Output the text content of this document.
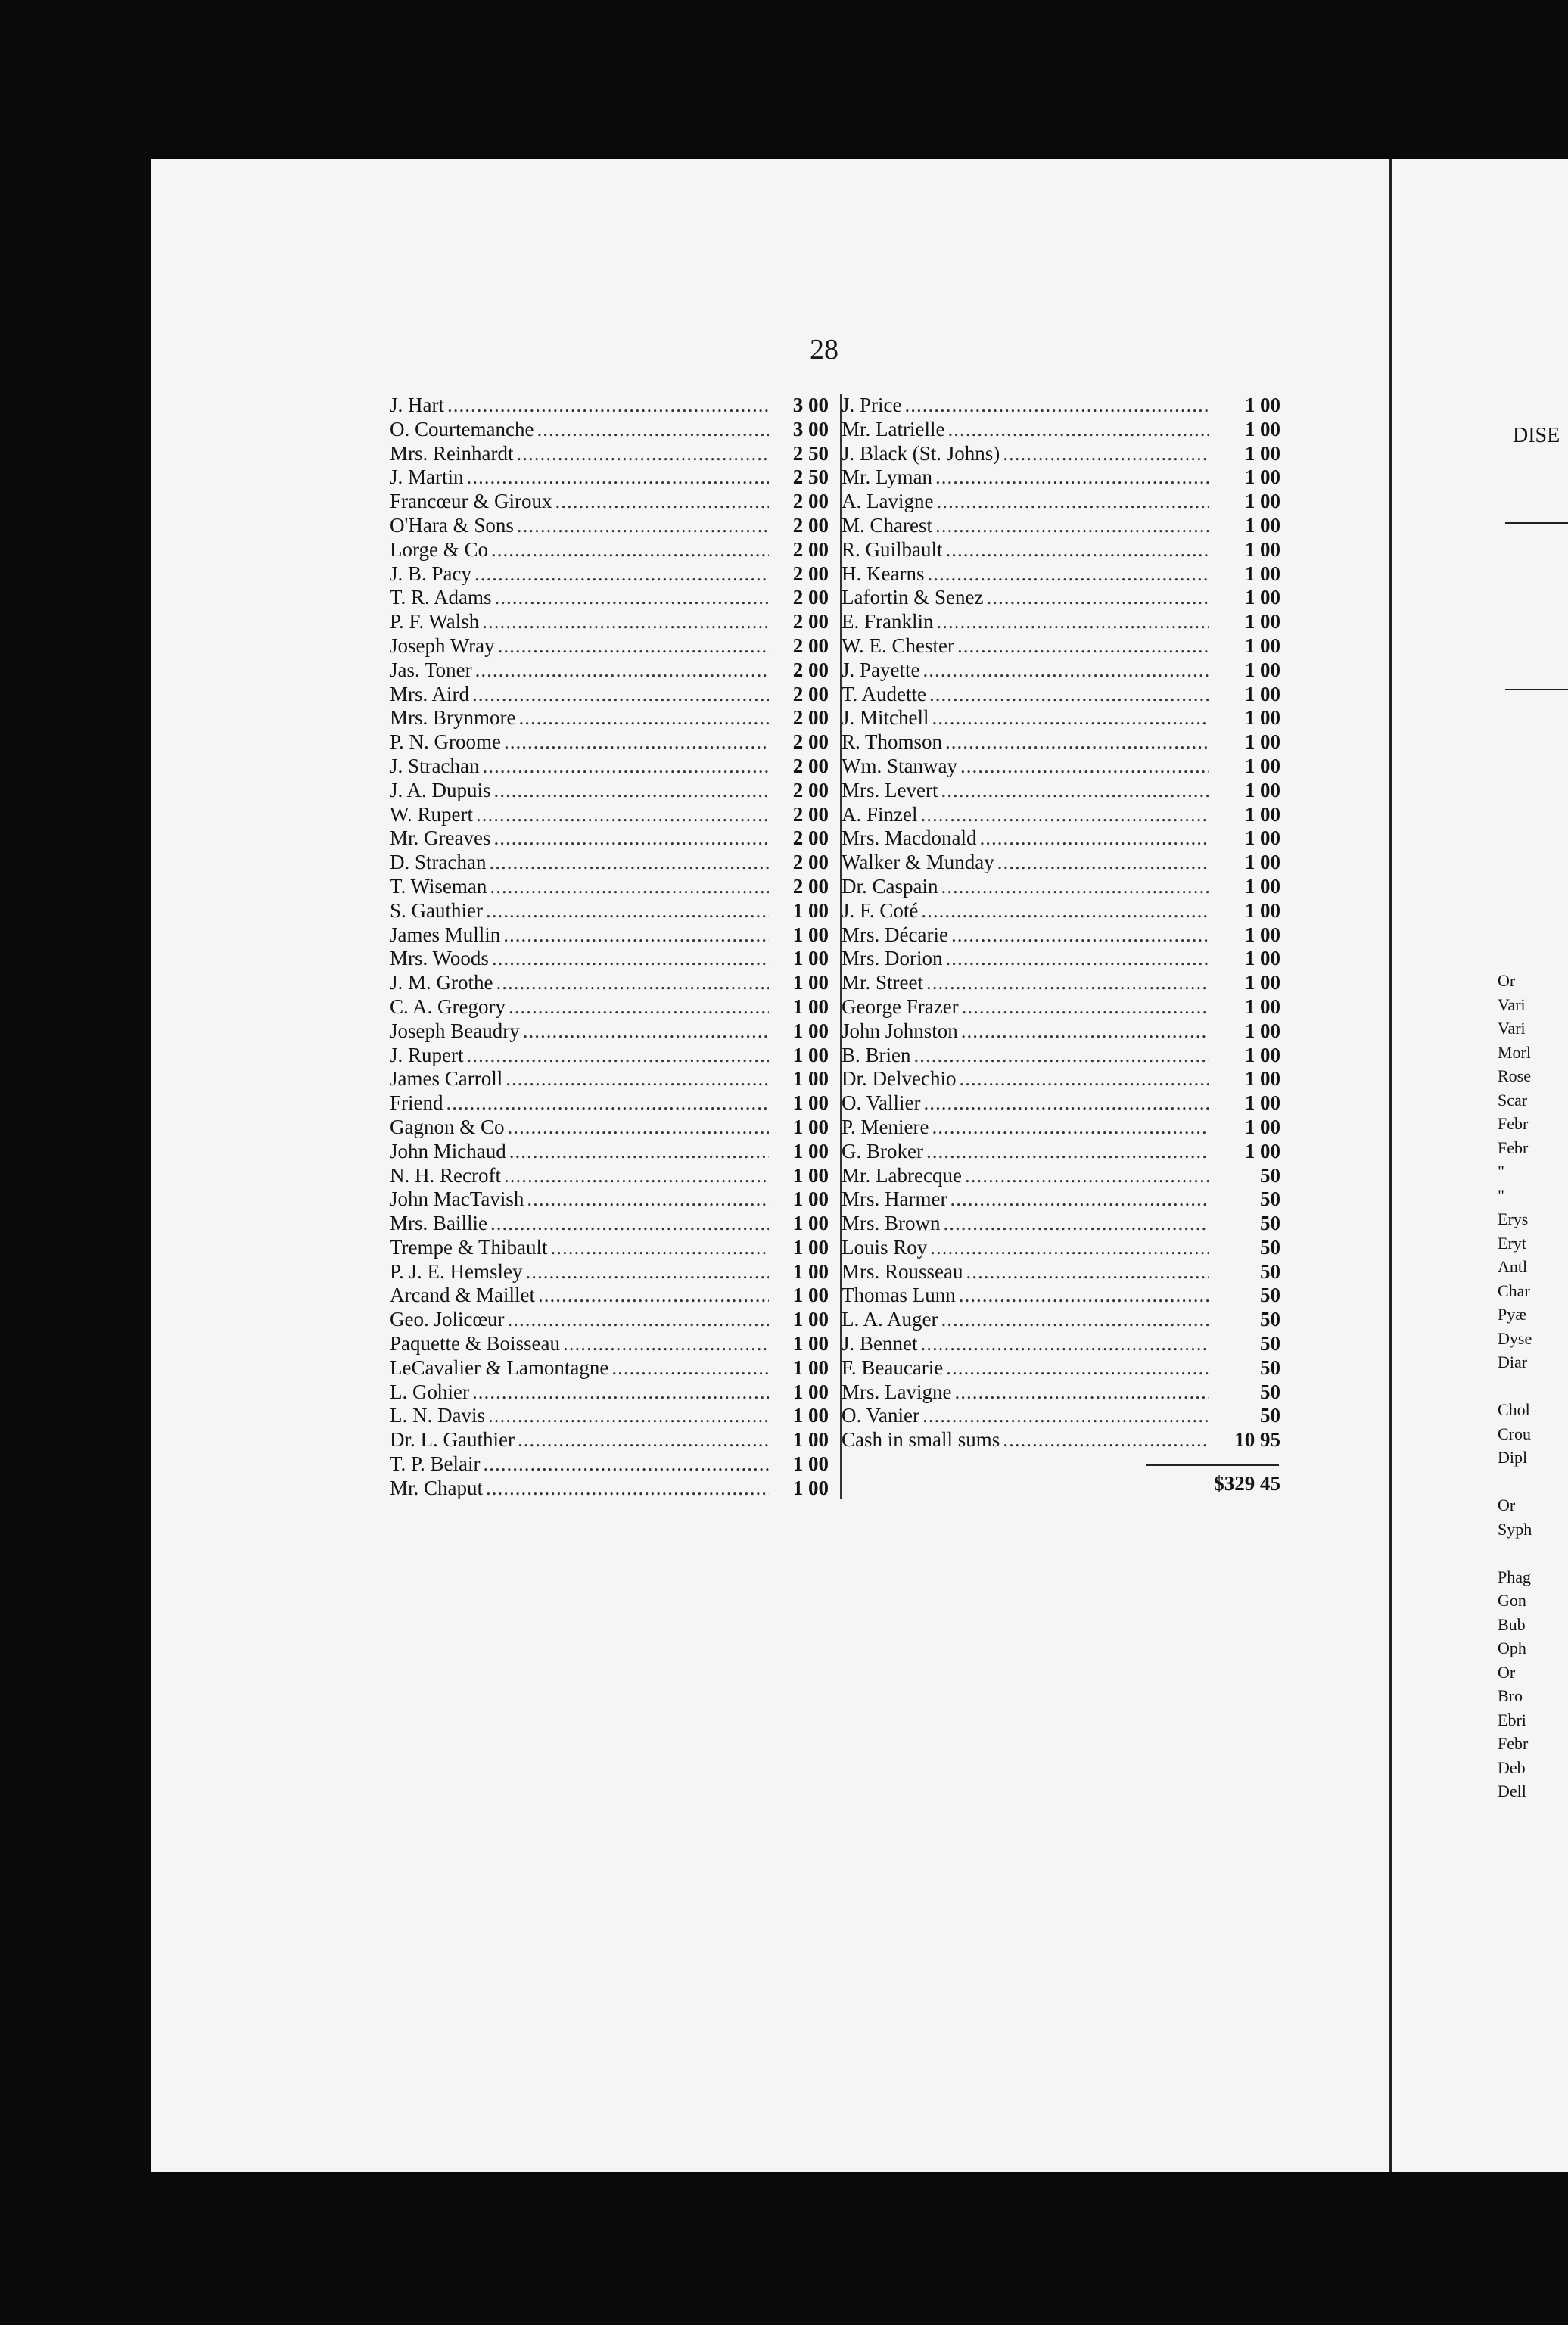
28
J. Hart .....	3 00
O. Courtemanche .....	3 00
Mrs. Reinhardt .....	2 50
J. Martin .....	2 50
Francœur & Giroux .....	2 00
O'Hara & Sons .....	2 00
Lorge & Co .....	2 00
J. B. Pacy .....	2 00
T. R. Adams .....	2 00
P. F. Walsh .....	2 00
Joseph Wray .....	2 00
Jas. Toner .....	2 00
Mrs. Aird .....	2 00
Mrs. Brynmore .....	2 00
P. N. Groome .....	2 00
J. Strachan .....	2 00
J. A. Dupuis .....	2 00
W. Rupert .....	2 00
Mr. Greaves .....	2 00
D. Strachan .....	2 00
T. Wiseman .....	2 00
S. Gauthier .....	1 00
James Mullin .....	1 00
Mrs. Woods .....	1 00
J. M. Grothe .....	1 00
C. A. Gregory .....	1 00
Joseph Beaudry .....	1 00
J. Rupert .....	1 00
James Carroll .....	1 00
Friend .....	1 00
Gagnon & Co .....	1 00
John Michaud .....	1 00
N. H. Recroft .....	1 00
John MacTavish .....	1 00
Mrs. Baillie .....	1 00
Trempe & Thibault .....	1 00
P. J. E. Hemsley .....	1 00
Arcand & Maillet .....	1 00
Geo. Jolicœur .....	1 00
Paquette & Boisseau .....	1 00
LeCavalier & Lamontagne .....	1 00
L. Gohier .....	1 00
L. N. Davis .....	1 00
Dr. L. Gauthier .....	1 00
T. P. Belair .....	1 00
Mr. Chaput .....	1 00
J. Price .....	1 00
Mr. Latrielle .....	1 00
J. Black (St. Johns) .....	1 00
Mr. Lyman .....	1 00
A. Lavigne .....	1 00
M. Charest .....	1 00
R. Guilbault .....	1 00
H. Kearns .....	1 00
Lafortin & Senez .....	1 00
E. Franklin .....	1 00
W. E. Chester .....	1 00
J. Payette .....	1 00
T. Audette .....	1 00
J. Mitchell .....	1 00
R. Thomson .....	1 00
Wm. Stanway .....	1 00
Mrs. Levert .....	1 00
A. Finzel .....	1 00
Mrs. Macdonald .....	1 00
Walker & Munday .....	1 00
Dr. Caspain .....	1 00
J. F. Coté .....	1 00
Mrs. Décarie .....	1 00
Mrs. Dorion .....	1 00
Mr. Street .....	1 00
George Frazer .....	1 00
John Johnston .....	1 00
B. Brien .....	1 00
Dr. Delvechio .....	1 00
O. Vallier .....	1 00
P. Meniere .....	1 00
G. Broker .....	1 00
Mr. Labrecque .....	50
Mrs. Harmer .....	50
Mrs. Brown .....	50
Louis Roy .....	50
Mrs. Rousseau .....	50
Thomas Lunn .....	50
L. A. Auger .....	50
J. Bennet .....	50
F. Beaucarie .....	50
Mrs. Lavigne .....	50
O. Vanier .....	50
Cash in small sums .....	10 95
$329 45
DISE
Or
Vari
Vari
Morl
Rose
Scar
Febr
Febr
"
"
Erys
Eryt
Antl
Char
Pyæ
Dyse
Diar
Chol
Crou
Dipl
Or
Syph
Phag
Gon
Bub
Oph
Or
Bro
Ebri
Febr
Deb
Dell
